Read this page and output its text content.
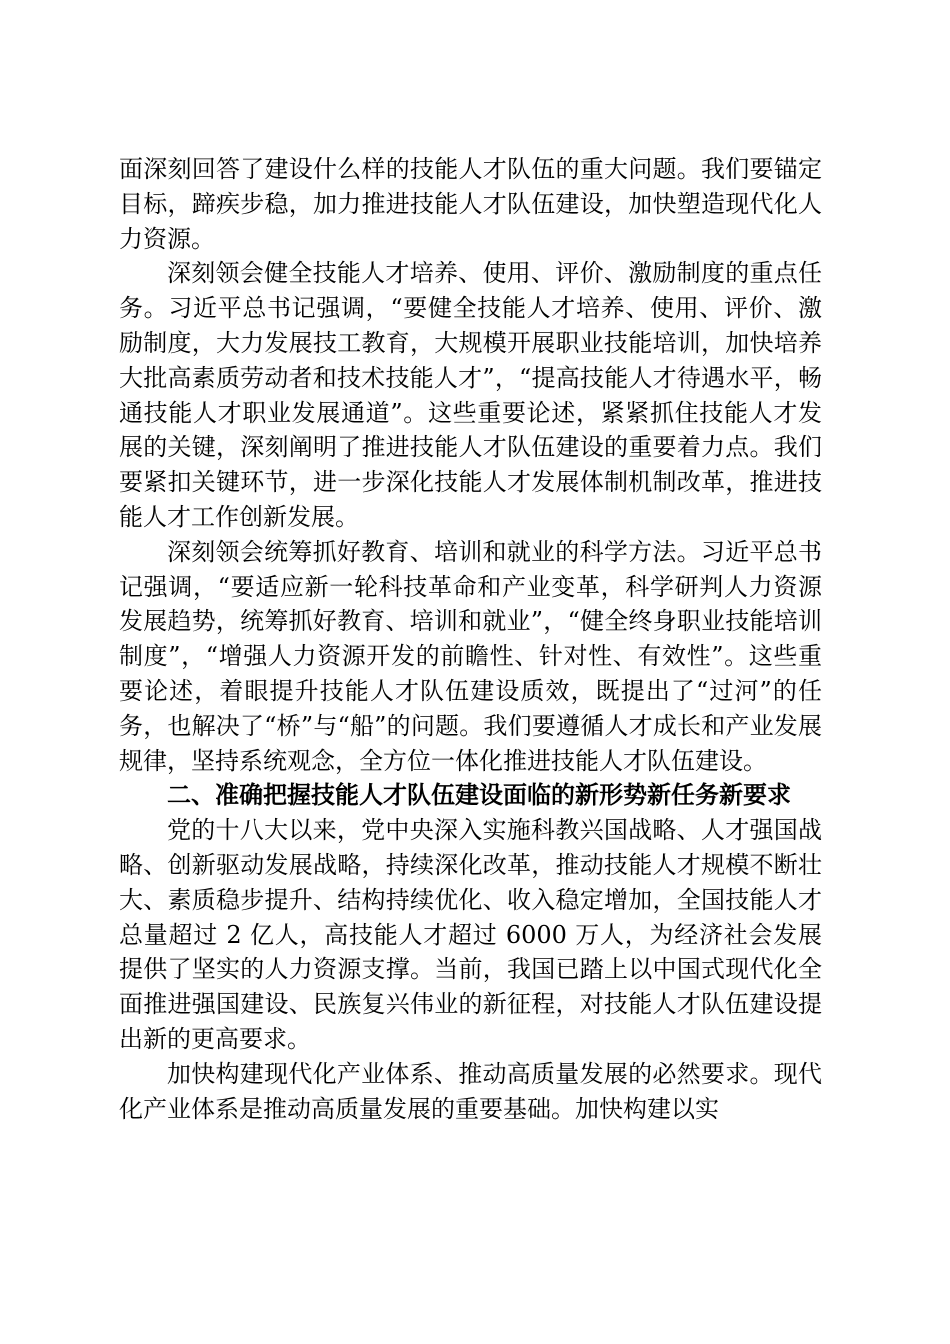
面深刻回答了建设什么样的技能人才队伍的重大问题。我们要锚定目标，蹄疾步稳，加力推进技能人才队伍建设，加快塑造现代化人力资源。

深刻领会健全技能人才培养、使用、评价、激励制度的重点任务。习近平总书记强调，“要健全技能人才培养、使用、评价、激励制度，大力发展技工教育，大规模开展职业技能培训，加快培养大批高素质劳动者和技术技能人才”，“提高技能人才待遇水平，畅通技能人才职业发展通道”。这些重要论述，紧紧抓住技能人才发展的关键，深刻阐明了推进技能人才队伍建设的重要着力点。我们要紧扣关键环节，进一步深化技能人才发展体制机制改革，推进技能人才工作创新发展。

深刻领会统筹抓好教育、培训和就业的科学方法。习近平总书记强调，“要适应新一轮科技革命和产业变革，科学研判人力资源发展趋势，统筹抓好教育、培训和就业”，“健全终身职业技能培训制度”，“增强人力资源开发的前瞻性、针对性、有效性”。这些重要论述，着眼提升技能人才队伍建设质效，既提出了“过河”的任务，也解决了“桥”与“船”的问题。我们要遵循人才成长和产业发展规律，坚持系统观念，全方位一体化推进技能人才队伍建设。

二、准确把握技能人才队伍建设面临的新形势新任务新要求

党的十八大以来，党中央深入实施科教兴国战略、人才强国战略、创新驱动发展战略，持续深化改革，推动技能人才规模不断壮大、素质稳步提升、结构持续优化、收入稳定增加，全国技能人才总量超过 2 亿人，高技能人才超过 6000 万人，为经济社会发展提供了坚实的人力资源支撑。当前，我国已踏上以中国式现代化全面推进强国建设、民族复兴伟业的新征程，对技能人才队伍建设提出新的更高要求。

加快构建现代化产业体系、推动高质量发展的必然要求。现代化产业体系是推动高质量发展的重要基础。加快构建以实
